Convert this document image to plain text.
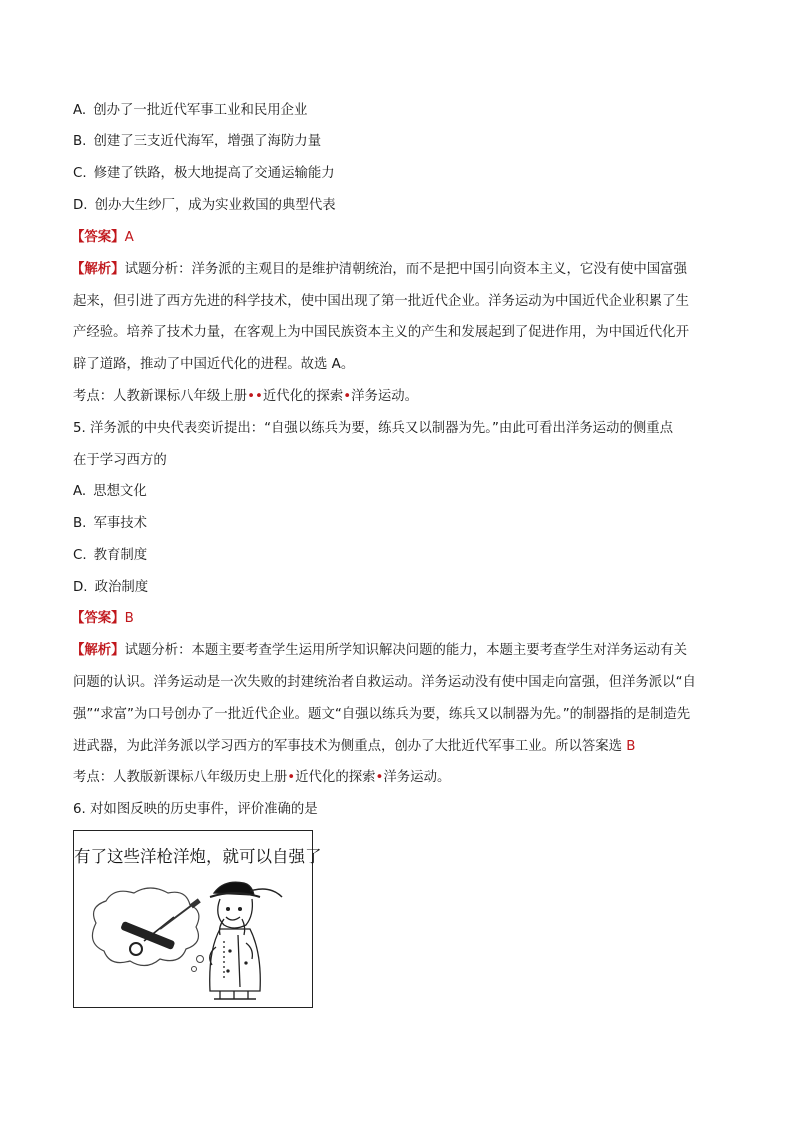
A. 创办了一批近代军事工业和民用企业
B. 创建了三支近代海军，增强了海防力量
C. 修建了铁路，极大地提高了交通运输能力
D. 创办大生纱厂，成为实业救国的典型代表
【答案】A
【解析】试题分析：洋务派的主观目的是维护清朝统治，而不是把中国引向资本主义，它没有使中国富强
起来，但引进了西方先进的科学技术，使中国出现了第一批近代企业。洋务运动为中国近代企业积累了生
产经验。培养了技术力量，在客观上为中国民族资本主义的产生和发展起到了促进作用，为中国近代化开
辟了道路，推动了中国近代化的进程。故选 A。
考点：人教新课标八年级上册••近代化的探索•洋务运动。
5. 洋务派的中央代表奕䜣提出：“自强以练兵为要，练兵又以制器为先。”由此可看出洋务运动的侧重点
在于学习西方的
A. 思想文化
B. 军事技术
C. 教育制度
D. 政治制度
【答案】B
【解析】试题分析：本题主要考查学生运用所学知识解决问题的能力，本题主要考查学生对洋务运动有关
问题的认识。洋务运动是一次失败的封建统治者自救运动。洋务运动没有使中国走向富强，但洋务派以“自
强”“求富”为口号创办了一批近代企业。题文“自强以练兵为要，练兵又以制器为先。”的制器指的是制造先
进武器，为此洋务派以学习西方的军事技术为侧重点，创办了大批近代军事工业。所以答案选 B
考点：人教版新课标八年级历史上册•近代化的探索•洋务运动。
6. 对如图反映的历史事件，评价准确的是
有了这些洋枪洋炮，就可以自强了
